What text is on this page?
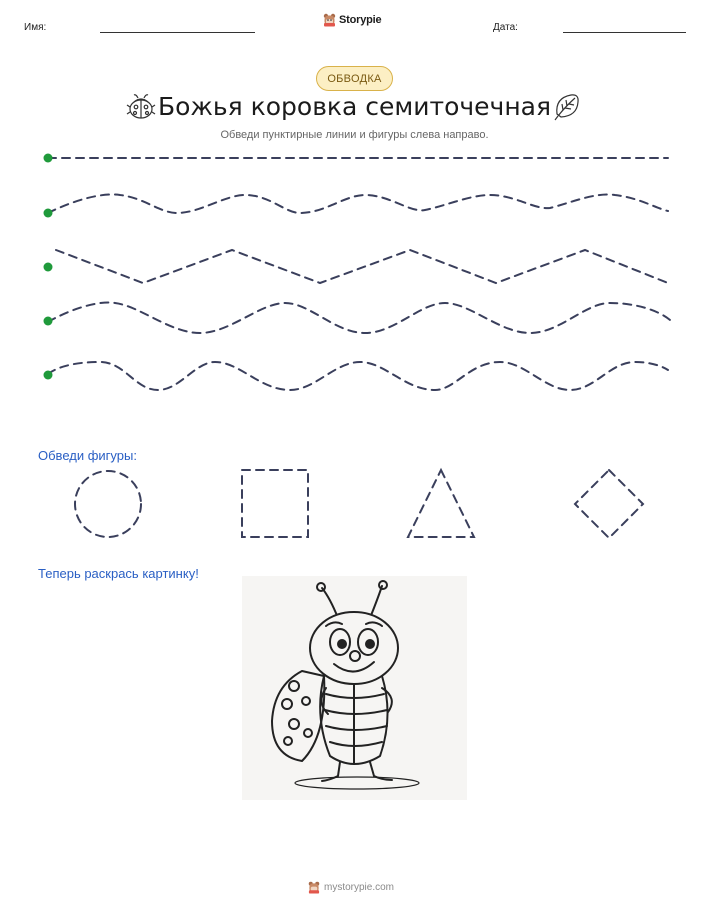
Имя:
Storypie
Дата:
ОБВОДКА
Божья коровка семиточечная
Обведи пунктирные линии и фигуры слева направо.
Обведи фигуры:
Теперь раскрась картинку!
mystorypie.com
